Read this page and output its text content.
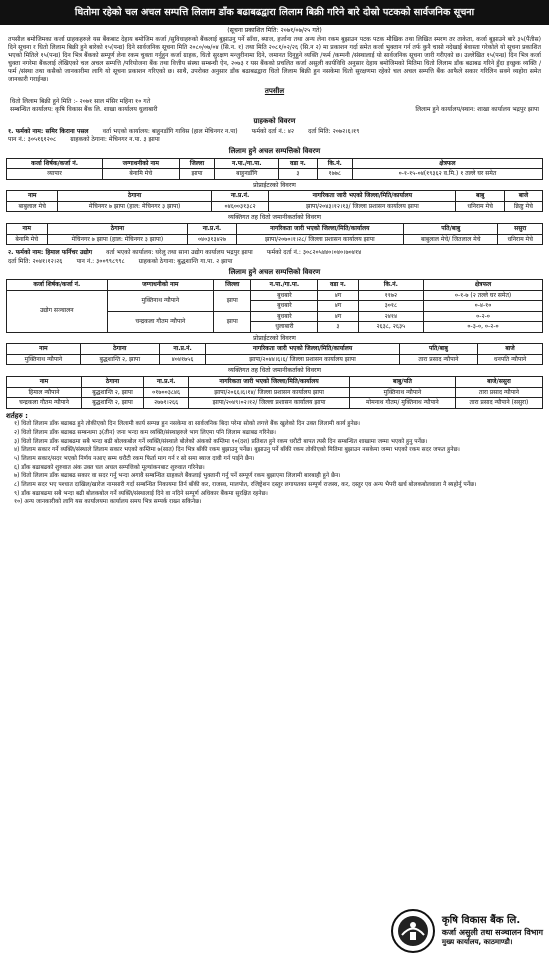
धितोमा रहेको चल अचल सम्पत्ति लिलाम डाँक बढाबढद्वारा लिलाम बिक्री गरिने बारे दोस्रो पटकको सार्वजनिक सूचना
(सूचना प्रकाशित मिति: २०७१/०७/२५ गते)
तपसील बमोजिमका कर्जा ग्राहकहरुले यस बैंकबाट देहाय बमोजिम कर्जा /सुविधाहरुको बैंकलाई बुझाउनु पर्ने साँवा, ब्याज, हर्जाना तथा अन्य लेना रकम बुझाउन पटक पटक मौखिक तथा लिखित स्मरण तर ताकेता, कर्जा बुझाउने बारे ३५(पैंतीस) दिने सूचना र धितो लिलाम बिक्री हुने बारेको १५(पन्ध्र) दिने सार्वजनिक सूचना मिति २०८०/०७/०४ (सि.न. १) तथा मिति २०८१/०२/२६ (सि.न २) मा प्रकाशन गर्दा समेत कर्जा भुक्तान गर्न तर्फ कुनै चासो नदेखाई बेवास्ता गरेकोले यो सूचना प्रकाशित भएको मितिले १५(पन्ध्र) दिन भित्र बैंकको सम्पूर्ण लेना रकम चुक्ता गर्नुहुन कर्जा ग्राहक, धितो सुरक्षण मन्जुरीनामा दिने, जमानत दिनुहुने व्यक्ति /फर्म /कम्पनी /संस्थालाई यो सार्वजनिक सूचना जारी गरीएको छ। उल्लेखित १५(पन्ध्र) दिन भित्र कर्जा चुक्ता नगरेमा बैंकलाई लेखिएको चल अचल सम्पत्ति /परियोजना बैंक तथा वित्तीय संस्था सम्बन्धी ऐन, २०७३ र यस बैंकको प्रचलित कर्जा असुली कार्यविधि अनुसार देहाय बमोजिमको मितिमा धितो लिलाम डाँक बढाबढ गरिने हुँदा इच्छुक व्यक्ति /फर्म /संस्था तथा कसैको जानकारीमा लागि यो सूचना प्रकाशन गरिएको छ। साथै, उपरोक्त अनुसार डाँक बढाबढद्वारा धितो लिलाम बिक्री हुन नसकेमा धितो सुरक्षणमा रहेको चल अचल सम्पत्ति बैंक आफैले सकार गरिलिन सक्ने व्यहोरा समेत जानकारी गराईन्छ।
तपसील
धितो लिलाम बिक्री हुने मिति :- २०७१ साल मंसिर महिना १० गते
सम्बन्धित कार्यालय: कृषि विकास बैंक लि. शाखा कार्यालय धुलाबारी	लिलाम हुने कार्यालय/स्थान: शाखा कार्यालय भद्रपुर झापा
ग्राहकको विवरण
१. फर्मको नाम: समिर किराना पसल वर्ता भएको कार्यालय: बाहुनडाँगि गाविस (हाल मेचिनगर न.पा) फर्मको दर्ता नं.: ४२ दर्ता मिति: २०७२।६।१९
पान नं.: ३०५१६१२०८ ग्राहकको ठेगाना: मेचिनगर न.पा. ३ झापा
लिलाम हुने अचल सम्पत्तिको विवरण
कर्जा शिर्षक/कर्जा नं.	जग्गाधनीको नाम	जिल्ला	न.पा./गा.पा.	वडा न.	कि.नं.	क्षेत्रफल
व्यापार	बेनामि मेचे	झापा	बाहुनडाँगि	३	१७७८	०-१-१५-०४(१९३६२ व.मि.) १ तल्ले घर समेत
प्रोप्राईटरको विवरण
नाम	ठेगाना	ना.प्र.नं.	नागरिकता जारी भएको जिल्ला/मिति/कार्यालय	बाबु	बाजे
बाबुलाल मेचे	मेचिनगर ७ झापा (हाल: मेचिनगर ३ झापा)	०४६००३१३८२	झापा/२०४३।१२।१३/ जिल्ला प्रशासन कार्यालय झापा	धनिराम मेचे	क्रिष्टु मेचे
व्यक्तिगत तह धितो जमानीकर्ताको विवरण
नाम	ठेगाना	ना.प्र.नं.	नागरिकता जारी भएको जिल्ला/मिति/कार्यालय	पति/बाबु	ससुरा
बेनामि मेचे	मेचिनगर ७ झापा (हाल: मेचिनगर ३ झापा)	०४०३१३४२७	झापा/२०७०।१।२८/ जिल्ला प्रशासन कार्यालय झापा	बाबुलाल मेचे/ जितलाल मेचे	धनिराम मेचे
२. फर्मको नाम: हिमाल फर्निचर उद्योग वर्ता भएको कार्यालय: घरेलु तथा साना उद्योग कार्यालय भद्रपुर झापा फर्मको दर्ता नं.: ३०८२०५४४०।०४०।७०४१४
दर्ता मिति: २०४१।१२।२६ पान नं.: ३००९९८९९८ ग्राहकको ठेगाना: बुद्धशान्ति गा.पा. २ झापा
लिलाम हुने अचल सम्पत्तिको विवरण
कर्जा शिर्षक/कर्जा नं.	जग्गाधनीको नाम	जिल्ला	न.पा./गा.पा.	वडा न.	कि.नं.	क्षेत्रफल
उद्योग सञ्चालन	मुक्तिनाथ न्यौपाने	झापा	बुधबारे	४ग	११७२	०-१-७ (२ तल्ले घर समेत)
			बुधबारे	४ग	३०१८	०-४-१०
	चन्द्रकला गौतम न्यौपाने	झापा	बुधबारे	४ग	२४१४	०-२-०
			धुलाबारी	३	२६३८, २६३५	०-३-०, ०-२-०
प्रोप्राईटरको विवरण
नाम	ठेगाना	ना.प्र.नं.	नागरिकता जारी भएको जिल्ला/मिति/कार्यालय	पति/बाबु	बाजे
मुक्तिनाथ न्यौपाने	बुद्धशान्ति २, झापा	४०४१७५६	झापा/२०४४।६।६/ जिल्ला प्रशासन कार्यालय झापा	तारा प्रसाद न्यौपाने	धनपति न्यौपाने
व्यक्तिगत तह धितो जमानीकर्ताको विवरण
नाम	ठेगाना	ना.प्र.नं.	नागरिकता जारी भएको जिल्ला/मिति/कार्यालय	बाबु/पति	बाजे/ससुरा
हिमाल न्यौपाने	बुद्धशान्ति २, झापा	०१७००३८४६	झापा/२०६६।६।१४/ जिल्ला प्रशासन कार्यालय झापा	मुक्तिनाथ न्यौपाने	तारा प्रसाद न्यौपाने
चन्द्रकला गौतम न्यौपाने	बुद्धशान्ति २, झापा	२७७१।२६६	झापा/२०४९।०२।१२/ जिल्ला प्रशासन कार्यालय झापा	मोमनाथ गौतम/ मुक्तिनाथ न्यौपाने	तारा प्रसाद न्यौपाने (ससुरा)
शर्तहरु :
१) धितो लिलाम डाँक बढाबढ हुने तोकीएको दिन लिलामी कार्य सम्पन्न हुन नसकेमा वा सार्वजनिक बिदा परेमा सोको लगत्ते बैंक खुलेको दिन उक्त लिलामी कार्य हुनेछ।
२) धितो लिलाम डाँक बढाबढ सम्बन्धमा ३(तीन) जना भन्दा कम व्यक्ति/संस्थाहरुले भाग लिएमा पनि लिलाम बढाबढ गरिनेछ।
३) धितो लिलाम डाँक बढाबढमा सबै भन्दा बढी बोलकबोल गर्ने व्यक्ति/संस्थाले बोलेको अंकको कम्तिमा १०(दश) प्रतिशत हुने रकम धरौटी बापत त्यसै दिन सम्बन्धित शाखामा जम्मा भएको हुनु पर्नेछ।
४) लिलाम सकार गर्ने व्यक्ति/संस्थाले लिलाम सकार भएको कम्तिमा ७(सात) दिन भित्र बाँकी रकम बुझाउनु पर्नेछ। बुझाउनु पर्ने बाँकी रकम तोकीएको मितिमा बुझाउन नसकेमा जम्मा भएको रकम सदर जफत हुनेछ।
५) लिलाम सकार/सदर भएको निर्णय नआए सम्म धरौटी रकम फिर्ता माग गर्न र सो समा ब्याज दावी गर्न पाईने छैन।
६) डाँक बढाबढको शुरुवात अंक उक्त चल अचल सम्पत्तिको मूल्यांकनबाट शुरुवात गरिनेछ।
७) धितो लिलाम डाँक बढाबढ सकार वा सदर गर्नु भन्दा अगावै सम्बन्धित ग्राहकले बैंकलाई भुक्तानी गर्नु पर्ने सम्पूर्ण रकम बुझाएमा लिलामी बारबाही हुने छैन।
८) लिलाम सदर भए पश्चात दाखिल/खारेज नामसारी गर्दा सम्बन्धित निकायमा तिर्न बाँकी कर, राजस्व, मालपोत, रजिष्ट्रेशन दस्तुर लगायतका सम्पूर्ण राजस्व, कर, दस्तुर एव अन्य भैपरी खर्च बोलकबोलवाला नै ब्यहोर्नु पर्नेछ।
९) डाँक बढाबढमा सबै भन्दा बढी बोलकबोल गर्ने व्यक्ति/संस्थालाई दिने वा नदिने सम्पूर्ण अधिकार बैंकमा सुरक्षित रहनेछ।
१०) अन्य जानकारीको लागि यस कार्यालयमा कार्यालय समय भित्र सम्पर्क राख्न सकिनेछ।
कृषि विकास बैंक लि.
कर्जा असुली तथा सञ्चालन विभाग
मुख्य कार्यालय, काठमाण्डौ।
